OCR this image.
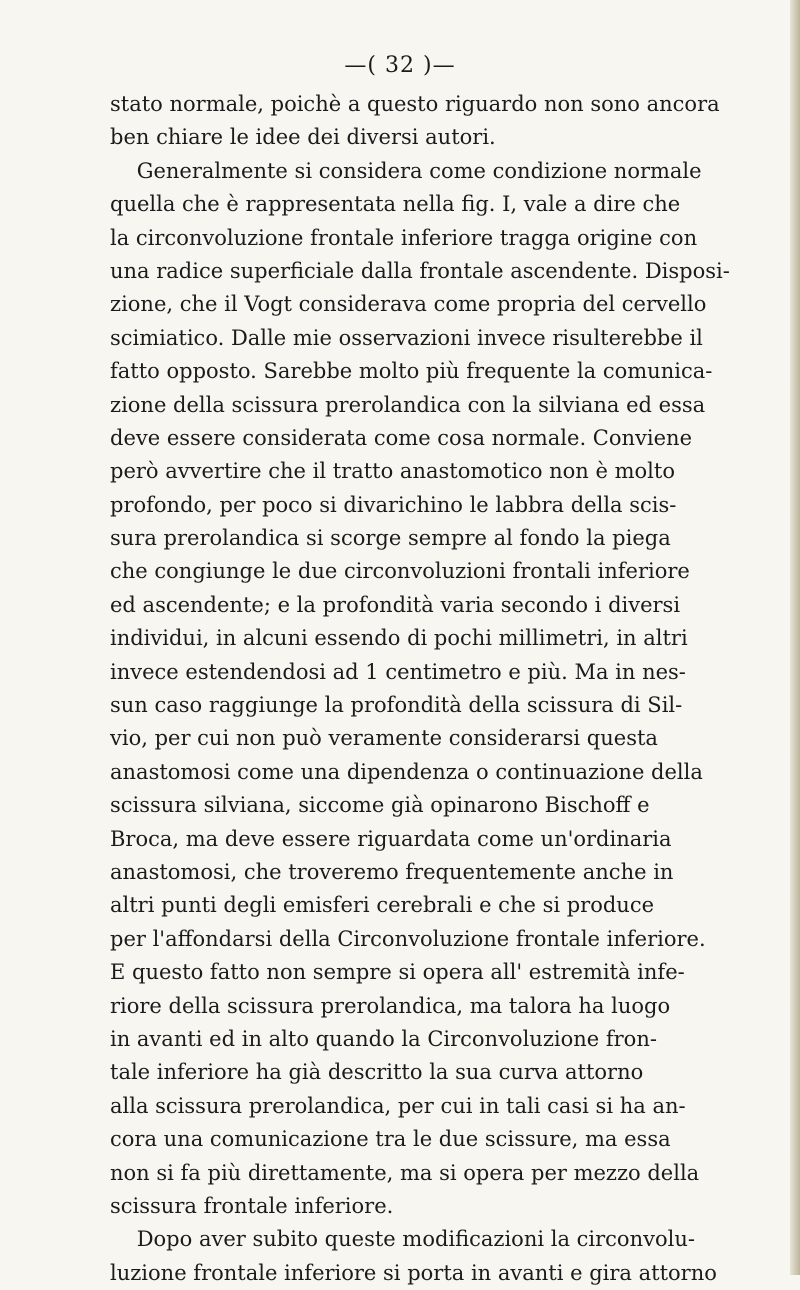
—( 32 )—
stato normale, poichè a questo riguardo non sono ancora
ben chiare le idee dei diversi autori.
Generalmente si considera come condizione normale
quella che è rappresentata nella fig. I, vale a dire che
la circonvoluzione frontale inferiore tragga origine con
una radice superficiale dalla frontale ascendente. Disposi-
zione, che il Vogt considerava come propria del cervello
scimiatico. Dalle mie osservazioni invece risulterebbe il
fatto opposto. Sarebbe molto più frequente la comunica-
zione della scissura prerolandica con la silviana ed essa
deve essere considerata come cosa normale. Conviene
però avvertire che il tratto anastomotico non è molto
profondo, per poco si divarichino le labbra della scis-
sura prerolandica si scorge sempre al fondo la piega
che congiunge le due circonvoluzioni frontali inferiore
ed ascendente; e la profondità varia secondo i diversi
individui, in alcuni essendo di pochi millimetri, in altri
invece estendendosi ad 1 centimetro e più. Ma in nes-
sun caso raggiunge la profondità della scissura di Sil-
vio, per cui non può veramente considerarsi questa
anastomosi come una dipendenza o continuazione della
scissura silviana, siccome già opinarono Bischoff e
Broca, ma deve essere riguardata come un'ordinaria
anastomosi, che troveremo frequentemente anche in
altri punti degli emisferi cerebrali e che si produce
per l'affondarsi della Circonvoluzione frontale inferiore.
E questo fatto non sempre si opera all' estremità infe-
riore della scissura prerolandica, ma talora ha luogo
in avanti ed in alto quando la Circonvoluzione fron-
tale inferiore ha già descritto la sua curva attorno
alla scissura prerolandica, per cui in tali casi si ha an-
cora una comunicazione tra le due scissure, ma essa
non si fa più direttamente, ma si opera per mezzo della
scissura frontale inferiore.
Dopo aver subito queste modificazioni la circonvolu-
luzione frontale inferiore si porta in avanti e gira attorno
